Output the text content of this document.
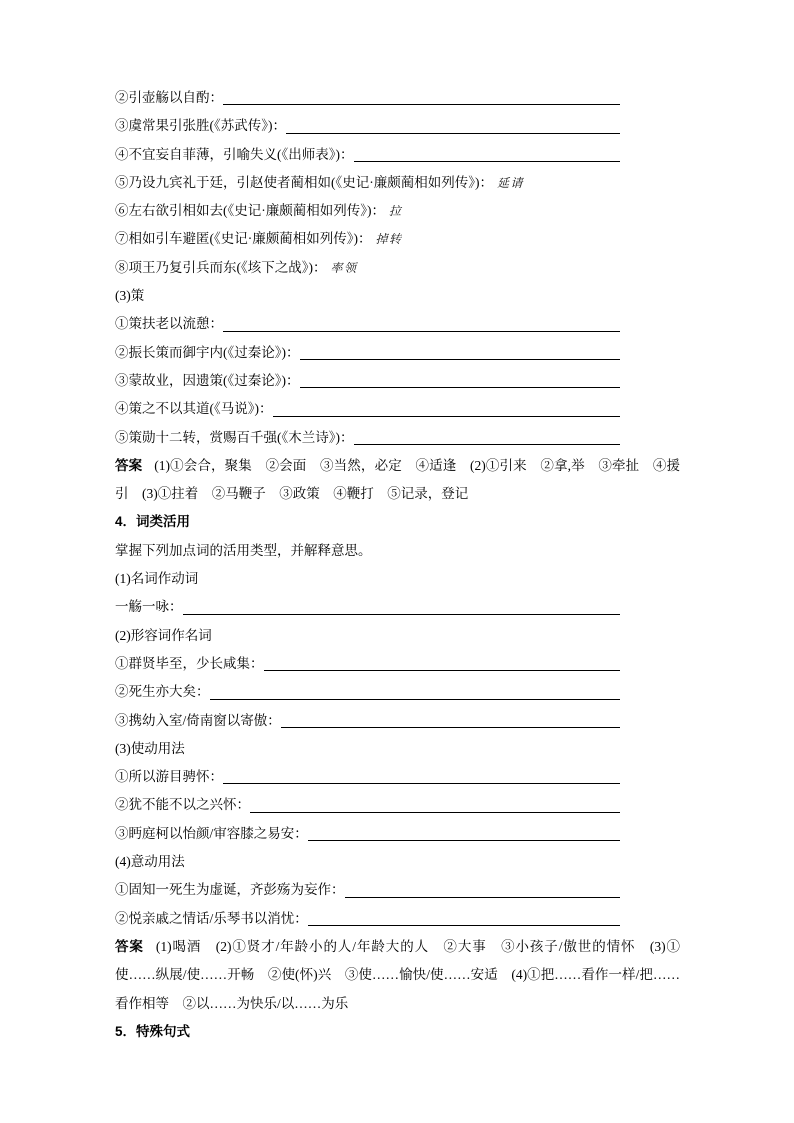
②引壶觞以自酌：
③虞常果引张胜(《苏武传》)：
④不宜妄自菲薄，引喻失义(《出师表》)：
⑤乃设九宾礼于廷，引赵使者蔺相如(《史记·廉颇蔺相如列传》)： 延请
⑥左右欲引相如去(《史记·廉颇蔺相如列传》)： 拉
⑦相如引车避匿(《史记·廉颇蔺相如列传》)： 掉转
⑧项王乃复引兵而东(《垓下之战》)： 率领
(3)策
①策扶老以流憩：
②振长策而御宇内(《过秦论》)：
③蒙故业，因遗策(《过秦论》)：
④策之不以其道(《马说》)：
⑤策勋十二转，赏赐百千强(《木兰诗》)：

答案 (1)①会合，聚集　②会面　③当然，必定　④适逢　(2)①引来　②拿,举　③牵扯　④援引　(3)①拄着　②马鞭子　③政策　④鞭打　⑤记录，登记

4．词类活用
掌握下列加点词的活用类型，并解释意思。
(1)名词作动词
一觞一咏：
(2)形容词作名词
①群贤毕至，少长咸集：
②死生亦大矣：
③携幼入室/倚南窗以寄傲：
(3)使动用法
①所以游目骋怀：
②犹不能不以之兴怀：
③眄庭柯以怡颜/审容膝之易安：
(4)意动用法
①固知一死生为虚诞，齐彭殇为妄作：
②悦亲戚之情话/乐琴书以消忧：

答案 (1)喝酒　(2)①贤才/年龄小的人/年龄大的人　②大事　③小孩子/傲世的情怀　(3)①使……纵展/使……开畅　②使(怀)兴　③使……愉快/使……安适　(4)①把……看作一样/把……看作相等　②以……为快乐/以……为乐

5．特殊句式
